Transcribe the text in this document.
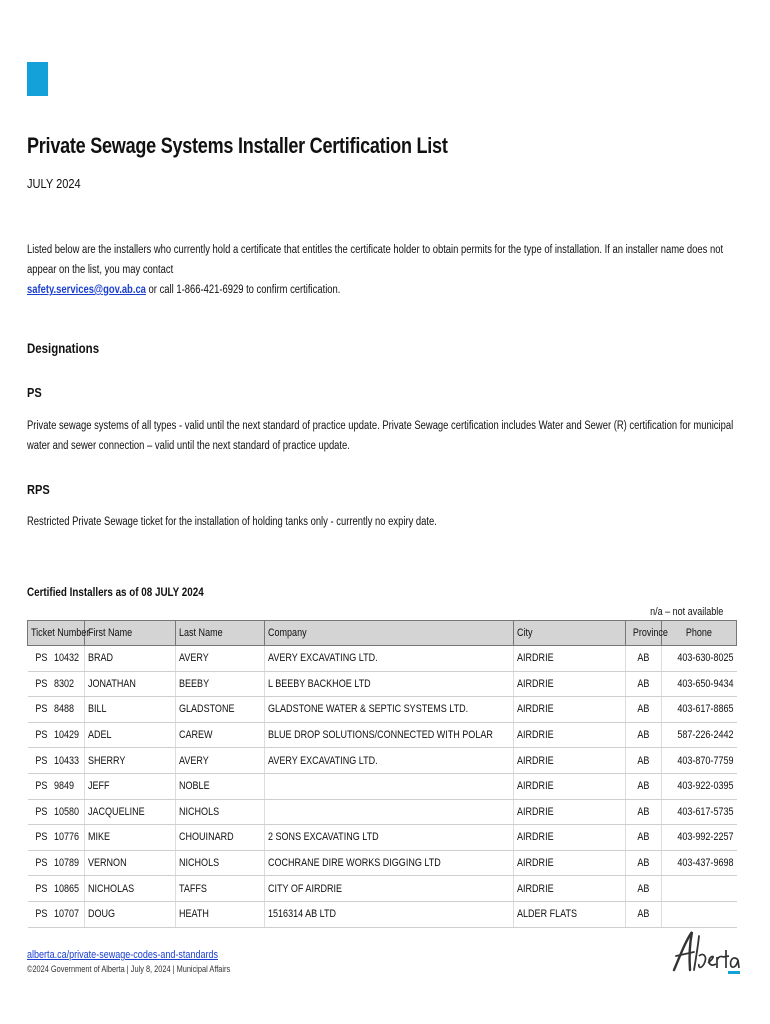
Private Sewage Systems Installer Certification List
JULY 2024
Listed below are the installers who currently hold a certificate that entitles the certificate holder to obtain permits for the type of installation. If an installer name does not appear on the list, you may contact
safety.services@gov.ab.ca or call 1-866-421-6929 to confirm certification.
Designations
PS
Private sewage systems of all types - valid until the next standard of practice update. Private Sewage certification includes Water and Sewer (R) certification for municipal water and sewer connection – valid until the next standard of practice update.
RPS
Restricted Private Sewage ticket for the installation of holding tanks only - currently no expiry date.
Certified Installers as of 08 JULY 2024
n/a – not available
Ticket Number	First Name	Last Name	Company	City	Province	Phone
PS 10432	BRAD	AVERY	AVERY EXCAVATING LTD.	AIRDRIE	AB	403-630-8025
PS 8302	JONATHAN	BEEBY	L BEEBY BACKHOE LTD	AIRDRIE	AB	403-650-9434
PS 8488	BILL	GLADSTONE	GLADSTONE WATER & SEPTIC SYSTEMS LTD.	AIRDRIE	AB	403-617-8865
PS 10429	ADEL	CAREW	BLUE DROP SOLUTIONS/CONNECTED WITH POLAR	AIRDRIE	AB	587-226-2442
PS 10433	SHERRY	AVERY	AVERY EXCAVATING LTD.	AIRDRIE	AB	403-870-7759
PS 9849	JEFF	NOBLE		AIRDRIE	AB	403-922-0395
PS 10580	JACQUELINE	NICHOLS		AIRDRIE	AB	403-617-5735
PS 10776	MIKE	CHOUINARD	2 SONS EXCAVATING LTD	AIRDRIE	AB	403-992-2257
PS 10789	VERNON	NICHOLS	COCHRANE DIRE WORKS DIGGING LTD	AIRDRIE	AB	403-437-9698
PS 10865	NICHOLAS	TAFFS	CITY OF AIRDRIE	AIRDRIE	AB	
PS 10707	DOUG	HEATH	1516314 AB LTD	ALDER FLATS	AB	
alberta.ca/private-sewage-codes-and-standards
©2024 Government of Alberta | July 8, 2024 | Municipal Affairs
